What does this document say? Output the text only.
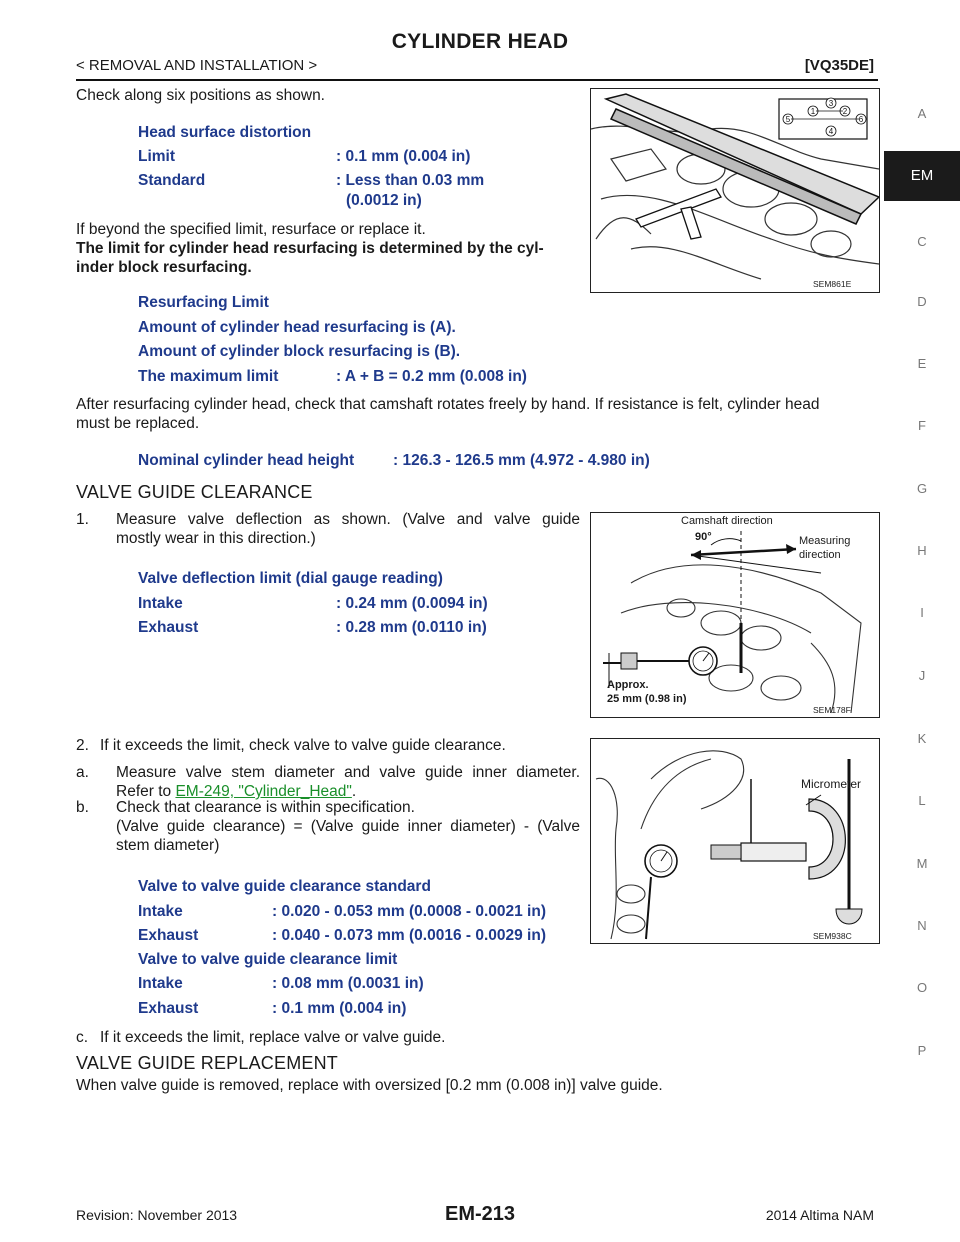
CYLINDER HEAD
< REMOVAL AND INSTALLATION >	[VQ35DE]
A
EM
C
D
E
F
G
H
I
J
K
L
M
N
O
P
Check along six positions as shown.
Head surface distortion
Limit	: 0.1 mm (0.004 in)
Standard	: Less than 0.03 mm
(0.0012 in)
If beyond the specified limit, resurface or replace it.
The limit for cylinder head resurfacing is determined by the cyl-
inder block resurfacing.
Resurfacing Limit
Amount of cylinder head resurfacing is (A).
Amount of cylinder block resurfacing is (B).
The maximum limit	: A + B = 0.2 mm (0.008 in)
After resurfacing cylinder head, check that camshaft rotates freely by hand. If resistance is felt, cylinder head
must be replaced.
Nominal cylinder head height	: 126.3 - 126.5 mm (4.972 - 4.980 in)
1	2
3
4
5	6
SEM861E
VALVE GUIDE CLEARANCE
1. Measure valve deflection as shown. (Valve and valve guide
mostly wear in this direction.)
Valve deflection limit (dial gauge reading)
Intake	: 0.24 mm (0.0094 in)
Exhaust	: 0.28 mm (0.0110 in)
Camshaft direction
90°	Measuring
direction
Approx.
25 mm (0.98 in)
SEM178F
2. If it exceeds the limit, check valve to valve guide clearance.
a. Measure valve stem diameter and valve guide inner diameter.
Refer to EM-249, "Cylinder_Head".
b. Check that clearance is within specification.
(Valve guide clearance) = (Valve guide inner diameter) - (Valve
stem diameter)
Valve to valve guide clearance standard
Intake	: 0.020 - 0.053 mm (0.0008 - 0.0021 in)
Exhaust	: 0.040 - 0.073 mm (0.0016 - 0.0029 in)
Valve to valve guide clearance limit
Intake	: 0.08 mm (0.0031 in)
Exhaust	: 0.1 mm (0.004 in)
c. If it exceeds the limit, replace valve or valve guide.
Micrometer
SEM938C
VALVE GUIDE REPLACEMENT
When valve guide is removed, replace with oversized [0.2 mm (0.008 in)] valve guide.
Revision: November 2013	EM-213	2014 Altima NAM
